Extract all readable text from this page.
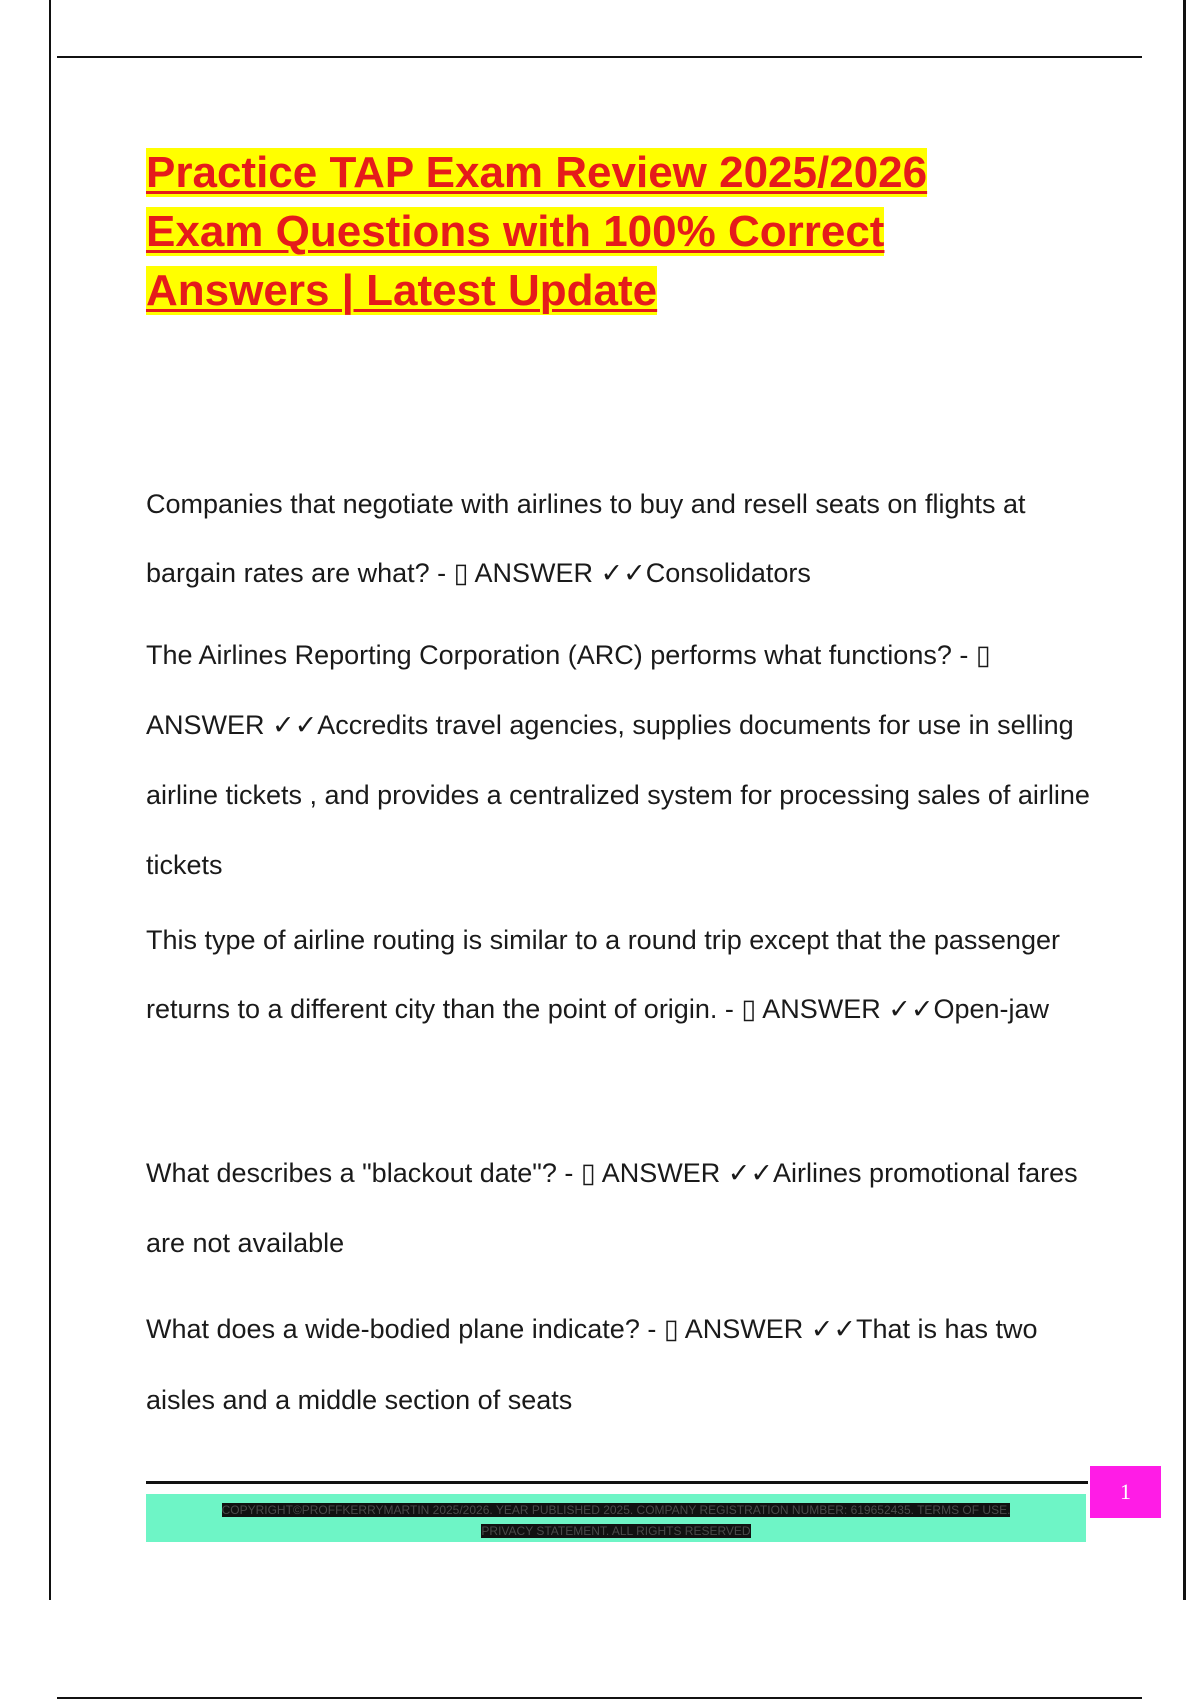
Practice TAP Exam Review 2025/2026 Exam Questions with 100% Correct Answers | Latest Update

Companies that negotiate with airlines to buy and resell seats on flights at bargain rates are what? - ▯ ANSWER ✓✓Consolidators

The Airlines Reporting Corporation (ARC) performs what functions? - ▯ ANSWER ✓✓Accredits travel agencies, supplies documents for use in selling airline tickets , and provides a centralized system for processing sales of airline tickets

This type of airline routing is similar to a round trip except that the passenger returns to a different city than the point of origin. - ▯ ANSWER ✓✓Open-jaw

What describes a "blackout date"? - ▯ ANSWER ✓✓Airlines promotional fares are not available

What does a wide-bodied plane indicate? - ▯ ANSWER ✓✓That is has two aisles and a middle section of seats

COPYRIGHT©PROFFKERRYMARTIN 2025/2026. YEAR PUBLISHED 2025. COMPANY REGISTRATION NUMBER: 619652435. TERMS OF USE.
PRIVACY STATEMENT. ALL RIGHTS RESERVED
1
